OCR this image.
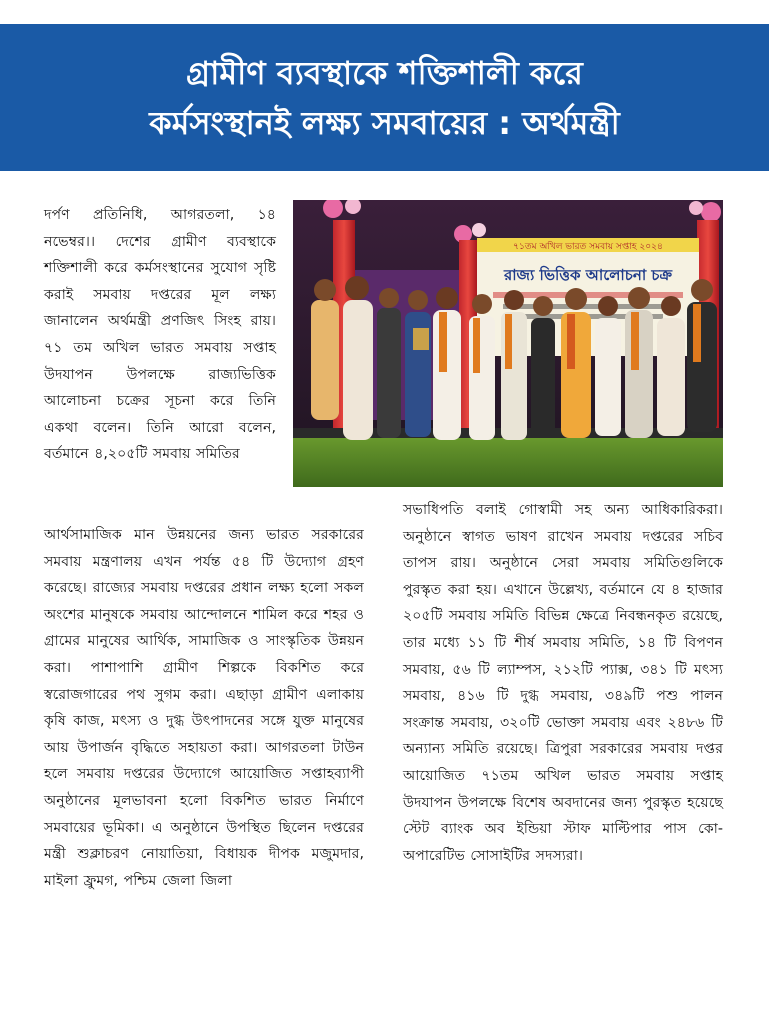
গ্রামীণ ব্যবস্থাকে শক্তিশালী করে
কর্মসংস্থানই লক্ষ্য সমবায়ের : অর্থমন্ত্রী
৭১তম অখিল ভারত সমবায় সপ্তাহ ২০২৪
রাজ্য ভিত্তিক আলোচনা চক্র

দর্পণ প্রতিনিধি, আগরতলা, ১৪ নভেম্বর।। দেশের গ্রামীণ ব্যবস্থাকে শক্তিশালী করে কর্মসংস্থানের সুযোগ সৃষ্টি করাই সমবায় দপ্তরের মূল লক্ষ্য জানালেন অর্থমন্ত্রী প্রণজিৎ সিংহ রায়। ৭১ তম অখিল ভারত সমবায় সপ্তাহ উদযাপন উপলক্ষে রাজ্যভিত্তিক আলোচনা চক্রের সূচনা করে তিনি একথা বলেন। তিনি আরো বলেন, বর্তমানে ৪,২০৫টি সমবায় সমিতির

আর্থসামাজিক মান উন্নয়নের জন্য ভারত সরকারের সমবায় মন্ত্রণালয় এখন পর্যন্ত ৫৪ টি উদ্যোগ গ্রহণ করেছে। রাজ্যের সমবায় দপ্তরের প্রধান লক্ষ্য হলো সকল অংশের মানুষকে সমবায় আন্দোলনে শামিল করে শহর ও গ্রামের মানুষের আর্থিক, সামাজিক ও সাংস্কৃতিক উন্নয়ন করা। পাশাপাশি গ্রামীণ শিল্পকে বিকশিত করে স্বরোজগারের পথ সুগম করা। এছাড়া গ্রামীণ এলাকায় কৃষি কাজ, মৎস্য ও দুগ্ধ উৎপাদনের সঙ্গে যুক্ত মানুষের আয় উপার্জন বৃদ্ধিতে সহায়তা করা। আগরতলা টাউন হলে সমবায় দপ্তরের উদ্যোগে আয়োজিত সপ্তাহব্যাপী অনুষ্ঠানের মূলভাবনা হলো বিকশিত ভারত নির্মাণে সমবায়ের ভূমিকা। এ অনুষ্ঠানে উপস্থিত ছিলেন দপ্তরের মন্ত্রী শুক্লাচরণ নোয়াতিয়া, বিধায়ক দীপক মজুমদার, মাইলা ফ্রুমগ, পশ্চিম জেলা জিলা

সভাধিপতি বলাই গোস্বামী সহ অন্য আধিকারিকরা। অনুষ্ঠানে স্বাগত ভাষণ রাখেন সমবায় দপ্তরের সচিব তাপস রায়। অনুষ্ঠানে সেরা সমবায় সমিতিগুলিকে পুরস্কৃত করা হয়। এখানে উল্লেখ্য, বর্তমানে যে ৪ হাজার ২০৫টি সমবায় সমিতি বিভিন্ন ক্ষেত্রে নিবন্ধনকৃত রয়েছে, তার মধ্যে ১১ টি শীর্ষ সমবায় সমিতি, ১৪ টি বিপণন সমবায়, ৫৬ টি ল্যাম্পস, ২১২টি প্যাক্স, ৩৪১ টি মৎস্য সমবায়, ৪১৬ টি দুগ্ধ সমবায়, ৩৪৯টি পশু পালন সংক্রান্ত সমবায়, ৩২০টি ভোক্তা সমবায় এবং ২৪৮৬ টি অন্যান্য সমিতি রয়েছে। ত্রিপুরা সরকারের সমবায় দপ্তর আয়োজিত ৭১তম অখিল ভারত সমবায় সপ্তাহ উদযাপন উপলক্ষে বিশেষ অবদানের জন্য পুরস্কৃত হয়েছে স্টেট ব্যাংক অব ইন্ডিয়া স্টাফ মাল্টিপার পাস কো-অপারেটিভ সোসাইটির সদস্যরা।
